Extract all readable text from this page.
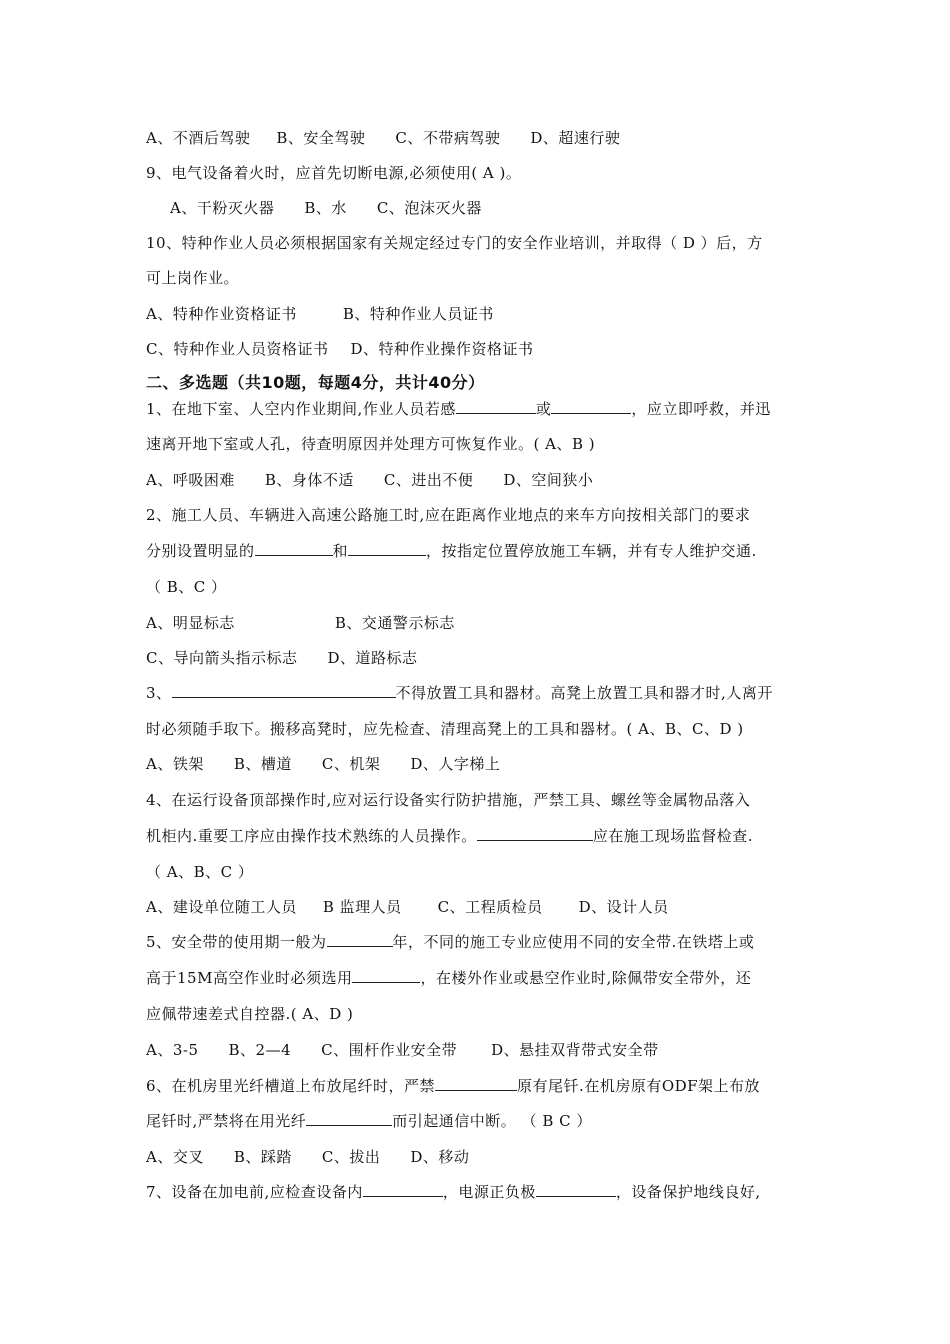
A、不酒后驾驶 B、安全驾驶 C、不带病驾驶 D、超速行驶
9、电气设备着火时，应首先切断电源,必须使用( A )。
A、干粉灭火器 B、水 C、泡沫灭火器
10、特种作业人员必须根据国家有关规定经过专门的安全作业培训，并取得（ D ）后，方
可上岗作业。
A、特种作业资格证书	B、特种作业人员证书
C、特种作业人员资格证书 D、特种作业操作资格证书
二、多选题（共10题，每题4分，共计40分）
1、在地下室、人空内作业期间,作业人员若感	或	，应立即呼救，并迅
速离开地下室或人孔，待查明原因并处理方可恢复作业。( A、B )
A、呼吸困难 B、身体不适 C、进出不便 D、空间狭小
2、施工人员、车辆进入高速公路施工时,应在距离作业地点的来车方向按相关部门的要求
分别设置明显的	和	，按指定位置停放施工车辆，并有专人维护交通.
（ B、C ）
A、明显标志	B、交通警示标志
C、导向箭头指示标志 D、道路标志
3、	不得放置工具和器材。高凳上放置工具和器才时,人离开
时必须随手取下。搬移高凳时，应先检查、清理高凳上的工具和器材。( A、B、C、D )
A、铁架 B、槽道 C、机架 D、人字梯上
4、在运行设备顶部操作时,应对运行设备实行防护措施，严禁工具、螺丝等金属物品落入
机柜内.重要工序应由操作技术熟练的人员操作。	应在施工现场监督检查.
（ A、B、C ）
A、建设单位随工人员 B 监理人员 C、工程质检员 D、设计人员
5、安全带的使用期一般为	年，不同的施工专业应使用不同的安全带.在铁塔上或
高于15M高空作业时必须选用	，在楼外作业或悬空作业时,除佩带安全带外，还
应佩带速差式自控器.( A、D )
A、3-5 B、2—4 C、围杆作业安全带 D、悬挂双背带式安全带
6、在机房里光纤槽道上布放尾纤时，严禁	原有尾钎.在机房原有ODF架上布放
尾钎时,严禁将在用光纤	而引起通信中断。 （ B C ）
A、交叉 B、踩踏 C、拔出 D、移动
7、设备在加电前,应检查设备内	，电源正负极	，设备保护地线良好,
